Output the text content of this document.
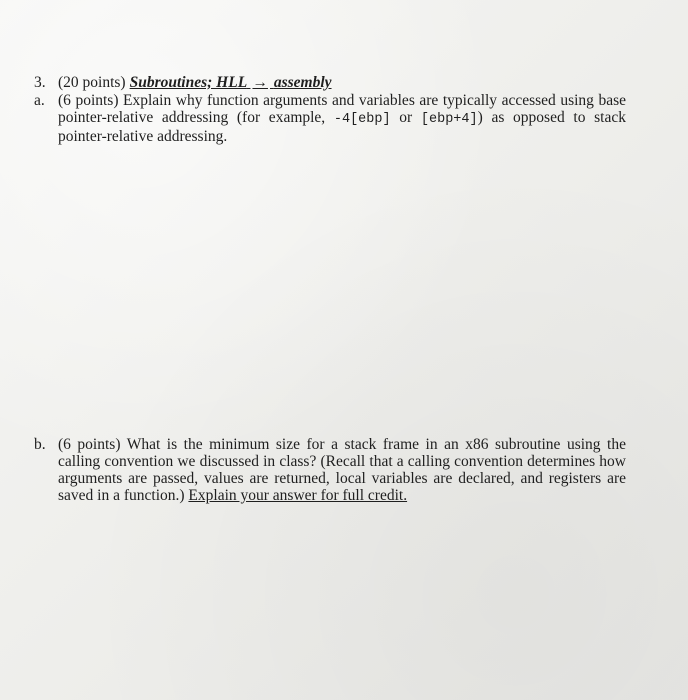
3. (20 points) Subroutines; HLL → assembly
a. (6 points) Explain why function arguments and variables are typically accessed using base pointer-relative addressing (for example, -4[ebp] or [ebp+4]) as opposed to stack pointer-relative addressing.
b. (6 points) What is the minimum size for a stack frame in an x86 subroutine using the calling convention we discussed in class? (Recall that a calling convention determines how arguments are passed, values are returned, local variables are declared, and registers are saved in a function.) Explain your answer for full credit.
